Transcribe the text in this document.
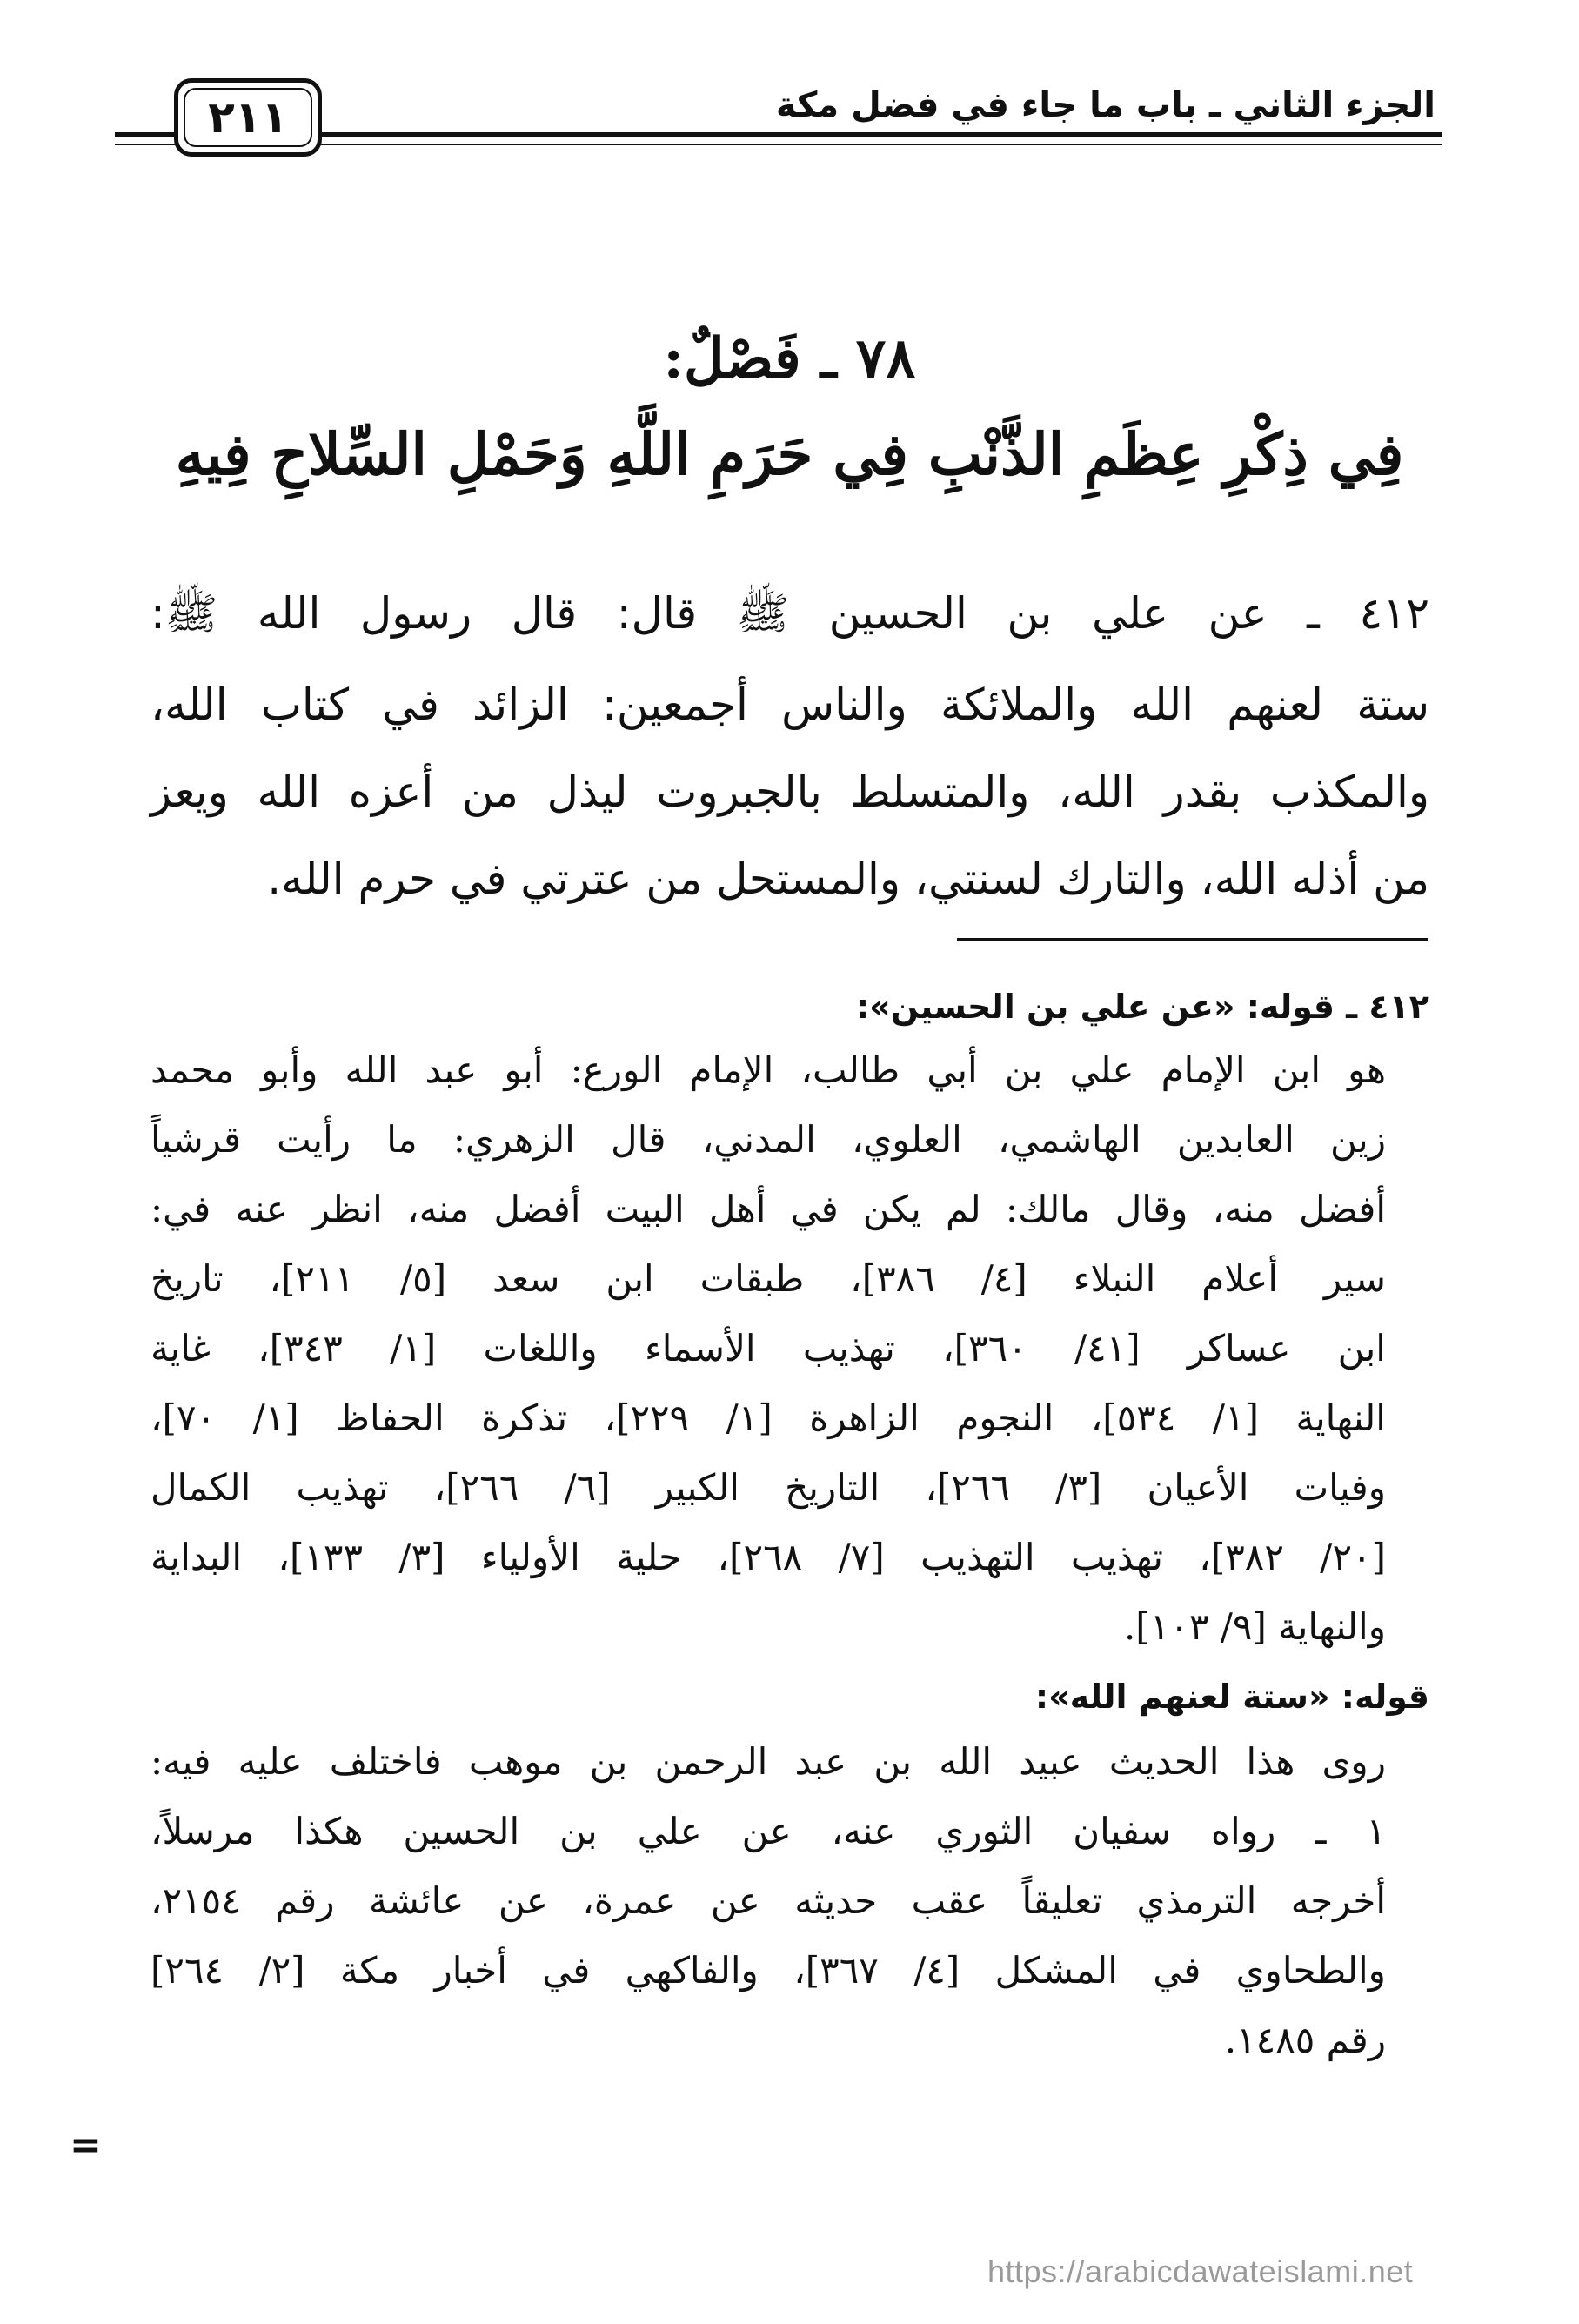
الجزء الثاني ـ باب ما جاء في فضل مكة
٢١١
٧٨ ـ فَصْلٌ:
فِي ذِكْرِ عِظَمِ الذَّنْبِ فِي حَرَمِ اللَّهِ وَحَمْلِ السِّلاحِ فِيهِ
٤١٢ ـ عن علي بن الحسين ﷺ قال: قال رسول الله ﷺ:
ستة لعنهم الله والملائكة والناس أجمعين: الزائد في كتاب الله،
والمكذب بقدر الله، والمتسلط بالجبروت ليذل من أعزه الله ويعز
من أذله الله، والتارك لسنتي، والمستحل من عترتي في حرم الله.
٤١٢ ـ قوله: «عن علي بن الحسين»:
هو ابن الإمام علي بن أبي طالب، الإمام الورع: أبو عبد الله وأبو محمد
زين العابدين الهاشمي، العلوي، المدني، قال الزهري: ما رأيت قرشياً
أفضل منه، وقال مالك: لم يكن في أهل البيت أفضل منه، انظر عنه في:
سير أعلام النبلاء [٤/ ٣٨٦]، طبقات ابن سعد [٥/ ٢١١]، تاريخ
ابن عساكر [٤١/ ٣٦٠]، تهذيب الأسماء واللغات [١/ ٣٤٣]، غاية
النهاية [١/ ٥٣٤]، النجوم الزاهرة [١/ ٢٢٩]، تذكرة الحفاظ [١/ ٧٠]،
وفيات الأعيان [٣/ ٢٦٦]، التاريخ الكبير [٦/ ٢٦٦]، تهذيب الكمال
[٢٠/ ٣٨٢]، تهذيب التهذيب [٧/ ٢٦٨]، حلية الأولياء [٣/ ١٣٣]، البداية
والنهاية [٩/ ١٠٣].
قوله: «ستة لعنهم الله»:
روى هذا الحديث عبيد الله بن عبد الرحمن بن موهب فاختلف عليه فيه:
١ ـ رواه سفيان الثوري عنه، عن علي بن الحسين هكذا مرسلاً،
أخرجه الترمذي تعليقاً عقب حديثه عن عمرة، عن عائشة رقم ٢١٥٤،
والطحاوي في المشكل [٤/ ٣٦٧]، والفاكهي في أخبار مكة [٢/ ٢٦٤]
رقم ١٤٨٥.
=
https://arabicdawateislami.net
